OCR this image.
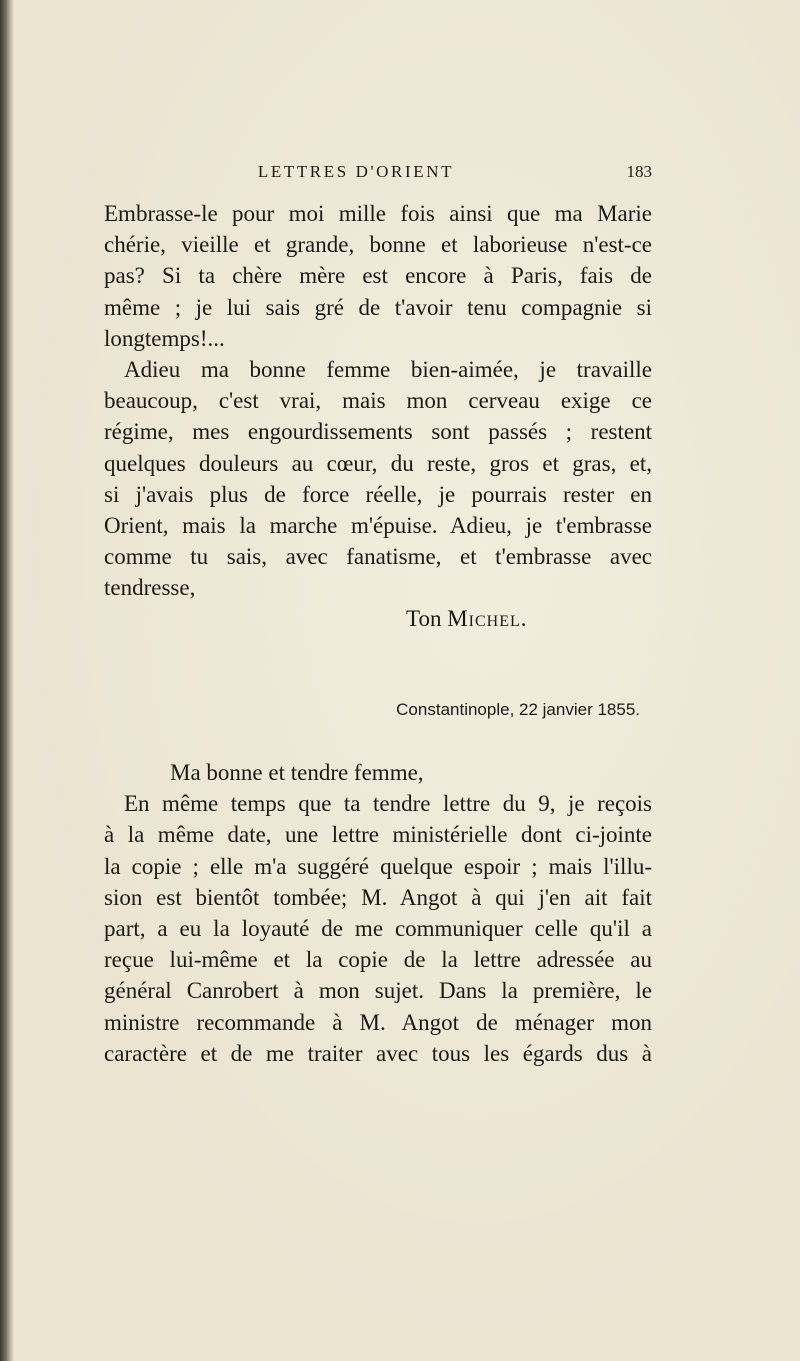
LETTRES D'ORIENT	183
Embrasse-le pour moi mille fois ainsi que ma Marie
chérie, vieille et grande, bonne et laborieuse n'est-ce
pas? Si ta chère mère est encore à Paris, fais de
même ; je lui sais gré de t'avoir tenu compagnie si
longtemps!...
Adieu ma bonne femme bien-aimée, je travaille
beaucoup, c'est vrai, mais mon cerveau exige ce
régime, mes engourdissements sont passés ; restent
quelques douleurs au cœur, du reste, gros et gras, et,
si j'avais plus de force réelle, je pourrais rester en
Orient, mais la marche m'épuise. Adieu, je t'embrasse
comme tu sais, avec fanatisme, et t'embrasse avec
tendresse,
Ton Michel.
Constantinople, 22 janvier 1855.
Ma bonne et tendre femme,
En même temps que ta tendre lettre du 9, je reçois
à la même date, une lettre ministérielle dont ci-jointe
la copie ; elle m'a suggéré quelque espoir ; mais l'illu-
sion est bientôt tombée; M. Angot à qui j'en ait fait
part, a eu la loyauté de me communiquer celle qu'il a
reçue lui-même et la copie de la lettre adressée au
général Canrobert à mon sujet. Dans la première, le
ministre recommande à M. Angot de ménager mon
caractère et de me traiter avec tous les égards dus à
